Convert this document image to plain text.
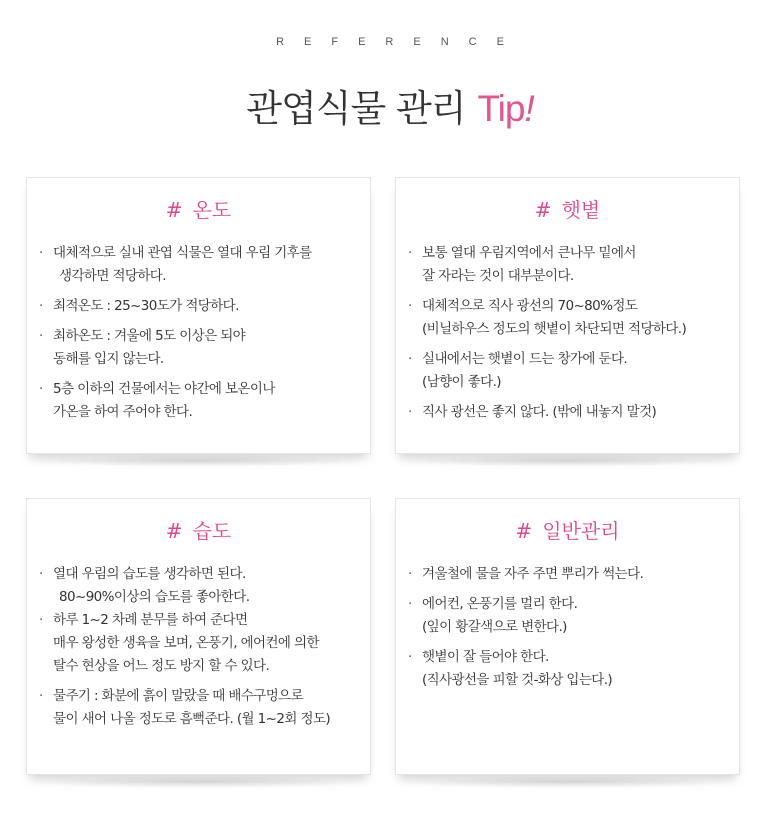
REFERENCE
관엽식물 관리 Tip!
# 온도
· 대체적으로 실내 관엽 식물은 열대 우림 기후를
생각하면 적당하다.
· 최적온도 : 25~30도가 적당하다.
· 최하온도 : 겨울에 5도 이상은 되야
동해를 입지 않는다.
· 5층 이하의 건물에서는 야간에 보온이나
가온을 하여 주어야 한다.
# 햇볕
· 보통 열대 우림지역에서 큰나무 밑에서
잘 자라는 것이 대부분이다.
· 대체적으로 직사 광선의 70~80%정도
(비닐하우스 정도의 햇볕이 차단되면 적당하다.)
· 실내에서는 햇볕이 드는 창가에 둔다.
(남향이 좋다.)
· 직사 광선은 좋지 않다. (밖에 내놓지 말것)
# 습도
· 열대 우림의 습도를 생각하면 된다.
80~90%이상의 습도를 좋아한다.
· 하루 1~2 차례 분무를 하여 준다면
매우 왕성한 생육을 보며, 온풍기, 에어컨에 의한
탈수 현상을 어느 정도 방지 할 수 있다.
· 물주기 : 화분에 흙이 말랐을 때 배수구멍으로
물이 새어 나올 정도로 흠뻑준다. (월 1~2회 정도)
# 일반관리
· 겨울철에 물을 자주 주면 뿌리가 썩는다.
· 에어컨, 온풍기를 멀리 한다.
(잎이 황갈색으로 변한다.)
· 햇볕이 잘 들어야 한다.
(직사광선을 피할 것-화상 입는다.)
